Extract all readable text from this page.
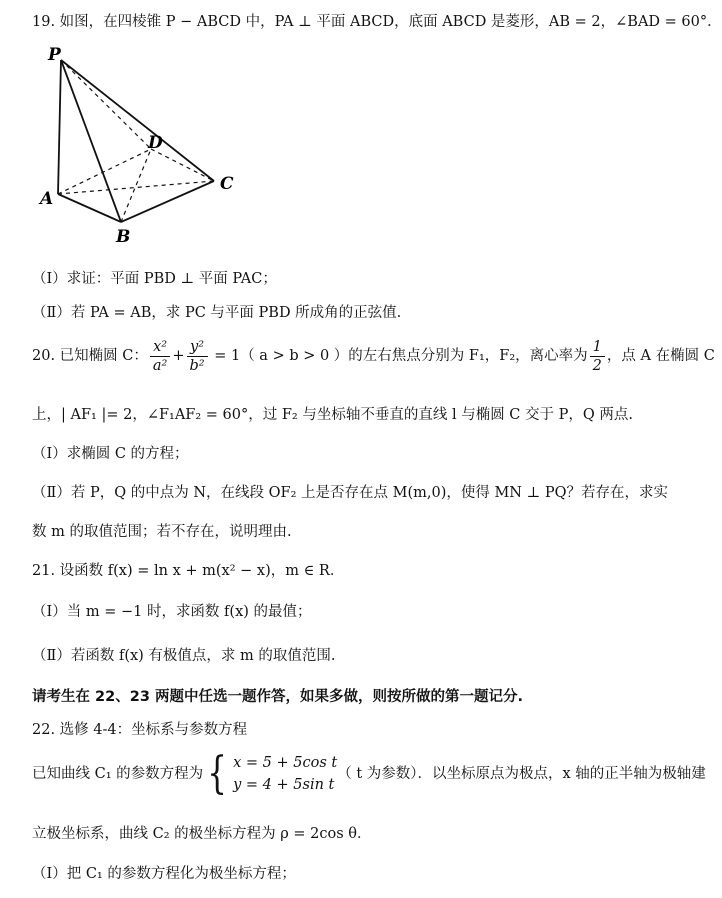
19. 如图，在四棱锥 P − ABCD 中，PA ⊥ 平面 ABCD，底面 ABCD 是菱形，AB = 2，∠BAD = 60°．
P
D
C
A
B
（Ⅰ）求证：平面 PBD ⊥ 平面 PAC；
（Ⅱ）若 PA = AB，求 PC 与平面 PBD 所成角的正弦值.
20. 已知椭圆 C： $\frac{\text{x²}}{\text{a²}} + \frac{\text{y²}}{\text{b²}} = 1$（ a > b > 0 ）的左右焦点分别为 F₁，F₂，离心率为 $\frac{1}{2}$ ，点 A 在椭圆 C
上，| AF₁ |= 2，∠F₁AF₂ = 60°，过 F₂ 与坐标轴不垂直的直线 l 与椭圆 C 交于 P，Q 两点.
（Ⅰ）求椭圆 C 的方程；
（Ⅱ）若 P，Q 的中点为 N，在线段 OF₂ 上是否存在点 M(m,0)，使得 MN ⊥ PQ？若存在，求实
数 m 的取值范围；若不存在，说明理由.
21. 设函数 f(x) = ln x + m(x² − x)，m ∈ R．
（Ⅰ）当 m = −1 时，求函数 f(x) 的最值；
（Ⅱ）若函数 f(x) 有极值点，求 m 的取值范围.
请考生在 22、23 两题中任选一题作答，如果多做，则按所做的第一题记分.
22. 选修 4-4：坐标系与参数方程
已知曲线 C₁ 的参数方程为 { x = 5 + 5cos t
y = 4 + 5sin t
（ t 为参数）．以坐标原点为极点，x 轴的正半轴为极轴建
立极坐标系，曲线 C₂ 的极坐标方程为 ρ = 2cos θ．
（Ⅰ）把 C₁ 的参数方程化为极坐标方程；
